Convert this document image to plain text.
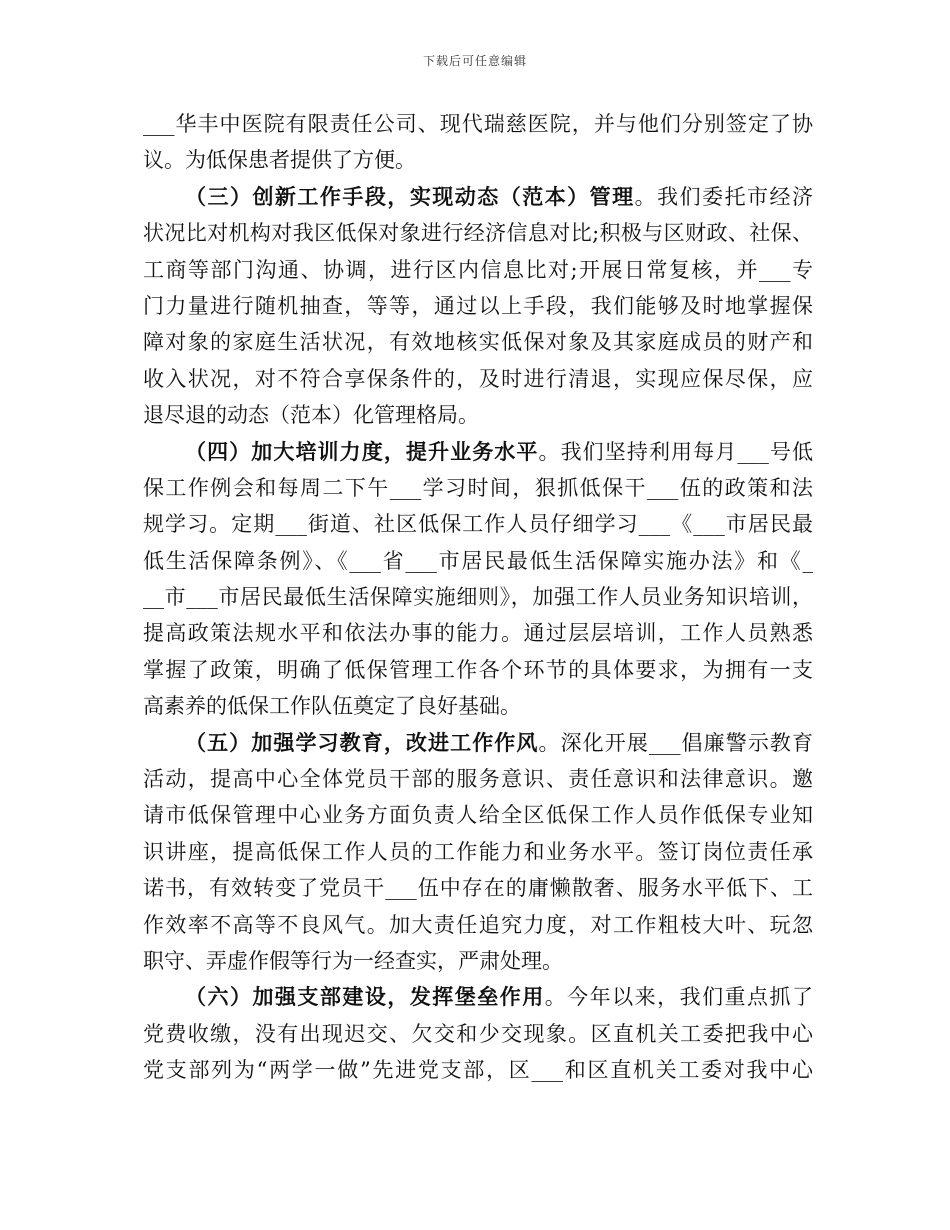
下载后可任意编辑
___华丰中医院有限责任公司、现代瑞慈医院，并与他们分别签定了协
议。为低保患者提供了方便。
（三）创新工作手段，实现动态（范本）管理。我们委托市经济
状况比对机构对我区低保对象进行经济信息对比;积极与区财政、社保、
工商等部门沟通、协调，进行区内信息比对;开展日常复核，并___专
门力量进行随机抽查，等等，通过以上手段，我们能够及时地掌握保
障对象的家庭生活状况，有效地核实低保对象及其家庭成员的财产和
收入状况，对不符合享保条件的，及时进行清退，实现应保尽保，应
退尽退的动态（范本）化管理格局。
（四）加大培训力度，提升业务水平。我们坚持利用每月___号低
保工作例会和每周二下午___学习时间，狠抓低保干___伍的政策和法
规学习。定期___街道、社区低保工作人员仔细学习___《___市居民最
低生活保障条例》、《___省___市居民最低生活保障实施办法》和《_
__市___市居民最低生活保障实施细则》，加强工作人员业务知识培训，
提高政策法规水平和依法办事的能力。通过层层培训，工作人员熟悉
掌握了政策，明确了低保管理工作各个环节的具体要求，为拥有一支
高素养的低保工作队伍奠定了良好基础。
（五）加强学习教育，改进工作作风。深化开展___倡廉警示教育
活动，提高中心全体党员干部的服务意识、责任意识和法律意识。邀
请市低保管理中心业务方面负责人给全区低保工作人员作低保专业知
识讲座，提高低保工作人员的工作能力和业务水平。签订岗位责任承
诺书，有效转变了党员干___伍中存在的庸懒散奢、服务水平低下、工
作效率不高等不良风气。加大责任追究力度，对工作粗枝大叶、玩忽
职守、弄虚作假等行为一经查实，严肃处理。
（六）加强支部建设，发挥堡垒作用。今年以来，我们重点抓了
党费收缴，没有出现迟交、欠交和少交现象。区直机关工委把我中心
党支部列为“两学一做”先进党支部，区___和区直机关工委对我中心
